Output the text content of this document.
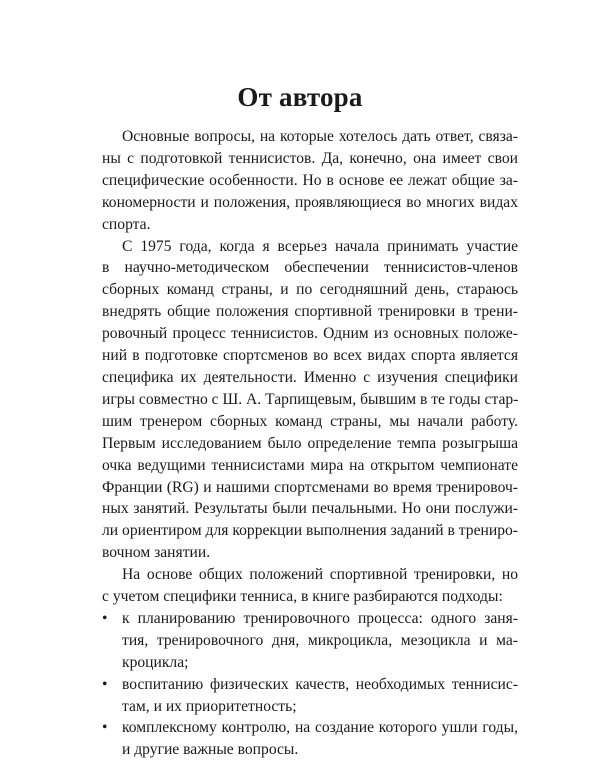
От автора
Основные вопросы, на которые хотелось дать ответ, связа-
ны с подготовкой теннисистов. Да, конечно, она имеет свои
специфические особенности. Но в основе ее лежат общие за-
кономерности и положения, проявляющиеся во многих видах
спорта.
С 1975 года, когда я всерьез начала принимать участие
в научно-методическом обеспечении теннисистов-членов
сборных команд страны, и по сегодняшний день, стараюсь
внедрять общие положения спортивной тренировки в трени-
ровочный процесс теннисистов. Одним из основных положе-
ний в подготовке спортсменов во всех видах спорта является
специфика их деятельности. Именно с изучения специфики
игры совместно с Ш. А. Тарпищевым, бывшим в те годы стар-
шим тренером сборных команд страны, мы начали работу.
Первым исследованием было определение темпа розыгрыша
очка ведущими теннисистами мира на открытом чемпионате
Франции (RG) и нашими спортсменами во время тренировоч-
ных занятий. Результаты были печальными. Но они послужи-
ли ориентиром для коррекции выполнения заданий в трениро-
вочном занятии.
На основе общих положений спортивной тренировки, но
с учетом специфики тенниса, в книге разбираются подходы:
• к планированию тренировочного процесса: одного заня-
тия, тренировочного дня, микроцикла, мезоцикла и ма-
кроцикла;
• воспитанию физических качеств, необходимых теннисис-
там, и их приоритетность;
• комплексному контролю, на создание которого ушли годы,
и другие важные вопросы.
